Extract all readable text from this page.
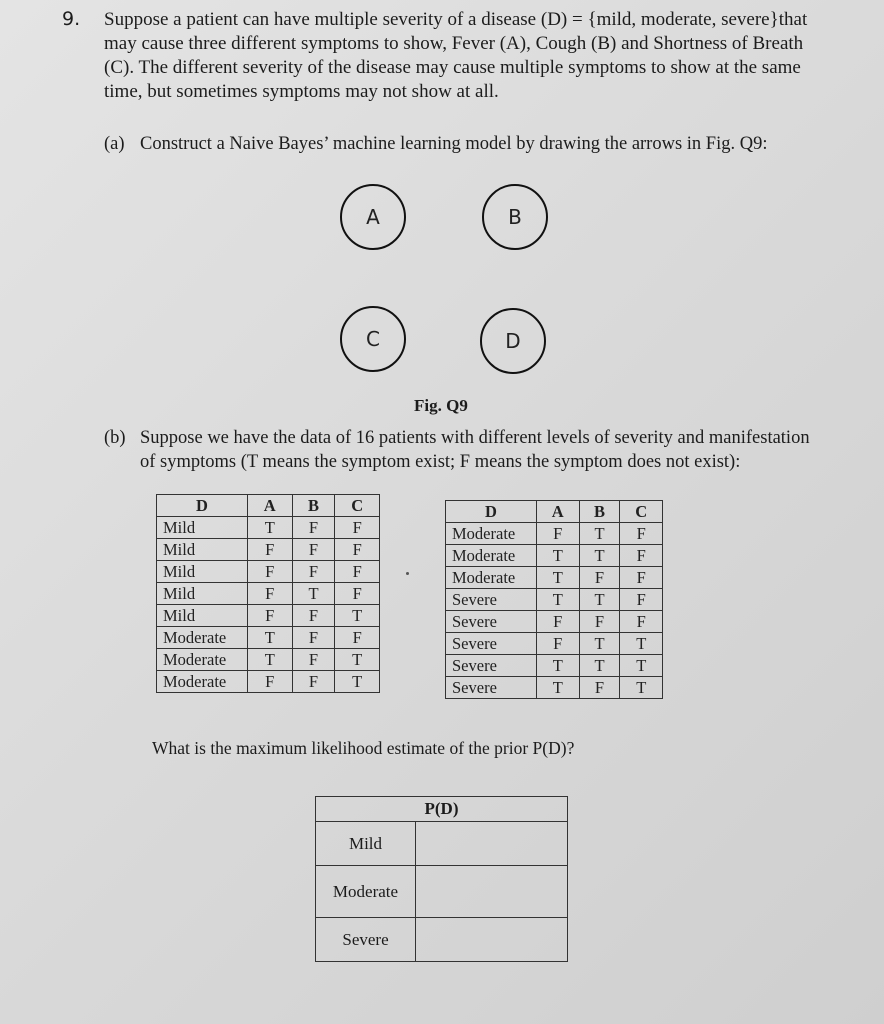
9. Suppose a patient can have multiple severity of a disease (D) = {mild, moderate, severe}that

may cause three different symptoms to show, Fever (A), Cough (B) and Shortness of Breath

(C). The different severity of the disease may cause multiple symptoms to show at the same

time, but sometimes symptoms may not show at all.

(a) Construct a Naive Bayes’ machine learning model by drawing the arrows in Fig. Q9:
A	B
C	D
Fig. Q9
(b) Suppose we have the data of 16 patients with different levels of severity and manifestation
of symptoms (T means the symptom exist; F means the symptom does not exist):
D	A	B	C
Mild	T	F	F
Mild	F	F	F
Mild	F	F	F
Mild	F	T	F
Mild	F	F	T
Moderate	T	F	F
Moderate	T	F	T
Moderate	F	F	T
D	A	B	C
Moderate	F	T	F
Moderate	T	T	F
Moderate	T	F	F
Severe	T	T	F
Severe	F	F	F
Severe	F	T	T
Severe	T	T	T
Severe	T	F	T
What is the maximum likelihood estimate of the prior P(D)?
P(D)	
Mild	
Moderate	
Severe	
